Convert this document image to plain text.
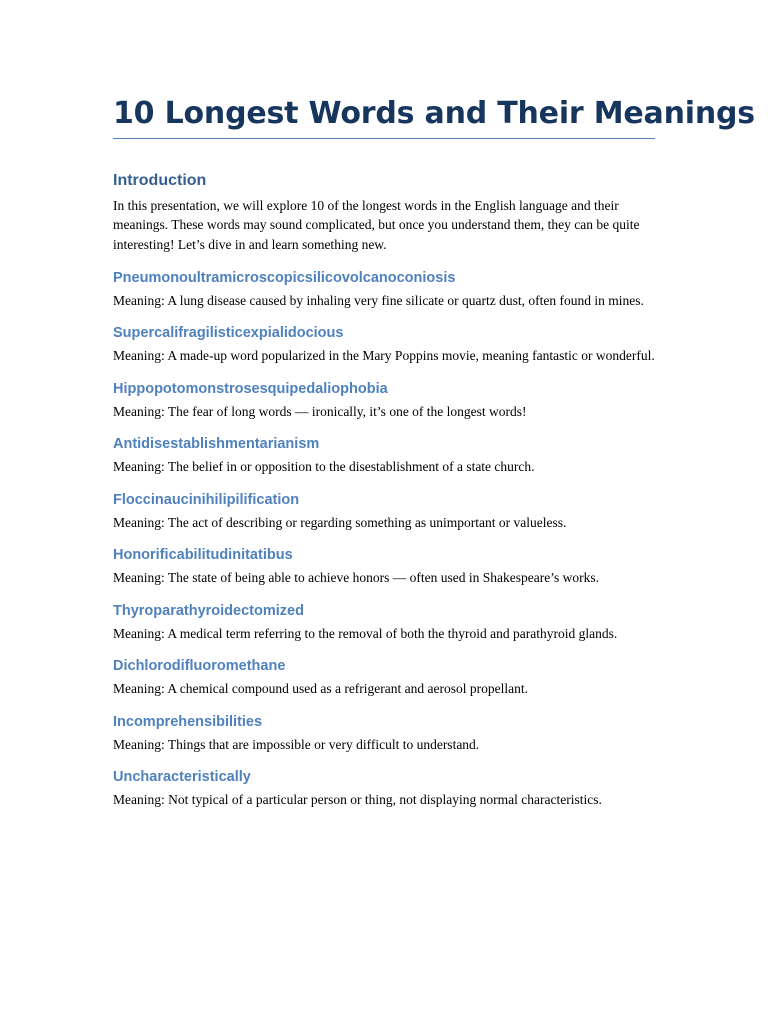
10 Longest Words and Their Meanings
Introduction

In this presentation, we will explore 10 of the longest words in the English language and their meanings. These words may sound complicated, but once you understand them, they can be quite interesting! Let’s dive in and learn something new.

Pneumonoultramicroscopicsilicovolcanoconiosis

Meaning: A lung disease caused by inhaling very fine silicate or quartz dust, often found in mines.

Supercalifragilisticexpialidocious

Meaning: A made-up word popularized in the Mary Poppins movie, meaning fantastic or wonderful.

Hippopotomonstrosesquipedaliophobia

Meaning: The fear of long words — ironically, it’s one of the longest words!

Antidisestablishmentarianism

Meaning: The belief in or opposition to the disestablishment of a state church.

Floccinaucinihilipilification

Meaning: The act of describing or regarding something as unimportant or valueless.

Honorificabilitudinitatibus

Meaning: The state of being able to achieve honors — often used in Shakespeare’s works.

Thyroparathyroidectomized

Meaning: A medical term referring to the removal of both the thyroid and parathyroid glands.

Dichlorodifluoromethane

Meaning: A chemical compound used as a refrigerant and aerosol propellant.

Incomprehensibilities

Meaning: Things that are impossible or very difficult to understand.

Uncharacteristically

Meaning: Not typical of a particular person or thing, not displaying normal characteristics.
